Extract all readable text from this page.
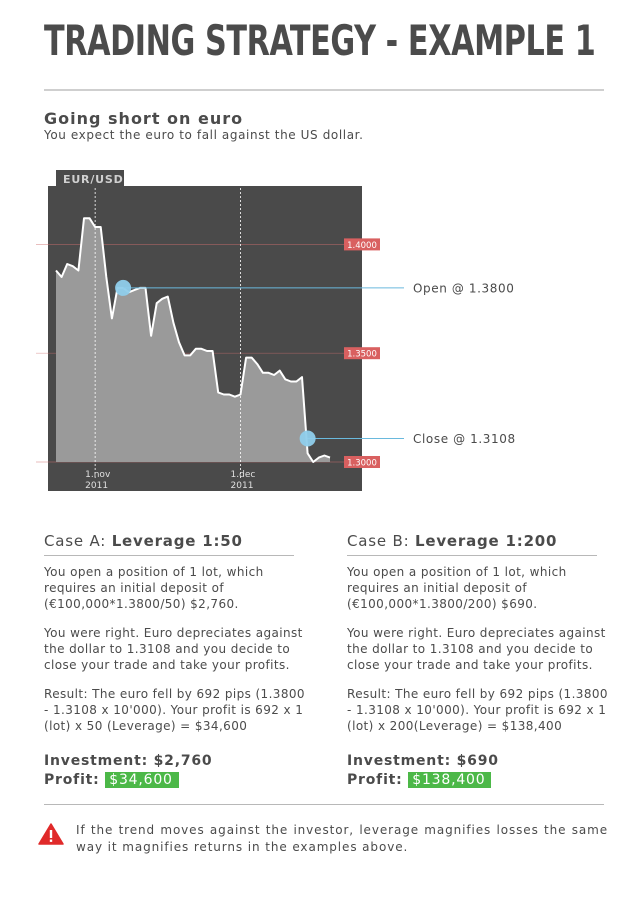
TRADING STRATEGY - EXAMPLE 1
Going short on euro
You expect the euro to fall against the US dollar.
EUR/USD
1.4000
1.3500
1.3000
1.nov
2011
1.dec
2011
Open @ 1.3800
Close @ 1.3108
Case A: Leverage 1:50

You open a position of 1 lot, which requires an initial deposit of (€100,000*1.3800/50) $2,760.

You were right. Euro depreciates against the dollar to 1.3108 and you decide to close your trade and take your profits.

Result: The euro fell by 692 pips (1.3800 - 1.3108 x 10'000). Your profit is 692 x 1 (lot) x 50 (Leverage) = $34,600

Investment: $2,760
Profit: $34,600
Case B: Leverage 1:200

You open a position of 1 lot, which requires an initial deposit of (€100,000*1.3800/200) $690.

You were right. Euro depreciates against the dollar to 1.3108 and you decide to close your trade and take your profits.

Result: The euro fell by 692 pips (1.3800 - 1.3108 x 10'000). Your profit is 692 x 1 (lot) x 200(Leverage) = $138,400

Investment: $690
Profit: $138,400
If the trend moves against the investor, leverage magnifies losses the same way it magnifies returns in the examples above.
